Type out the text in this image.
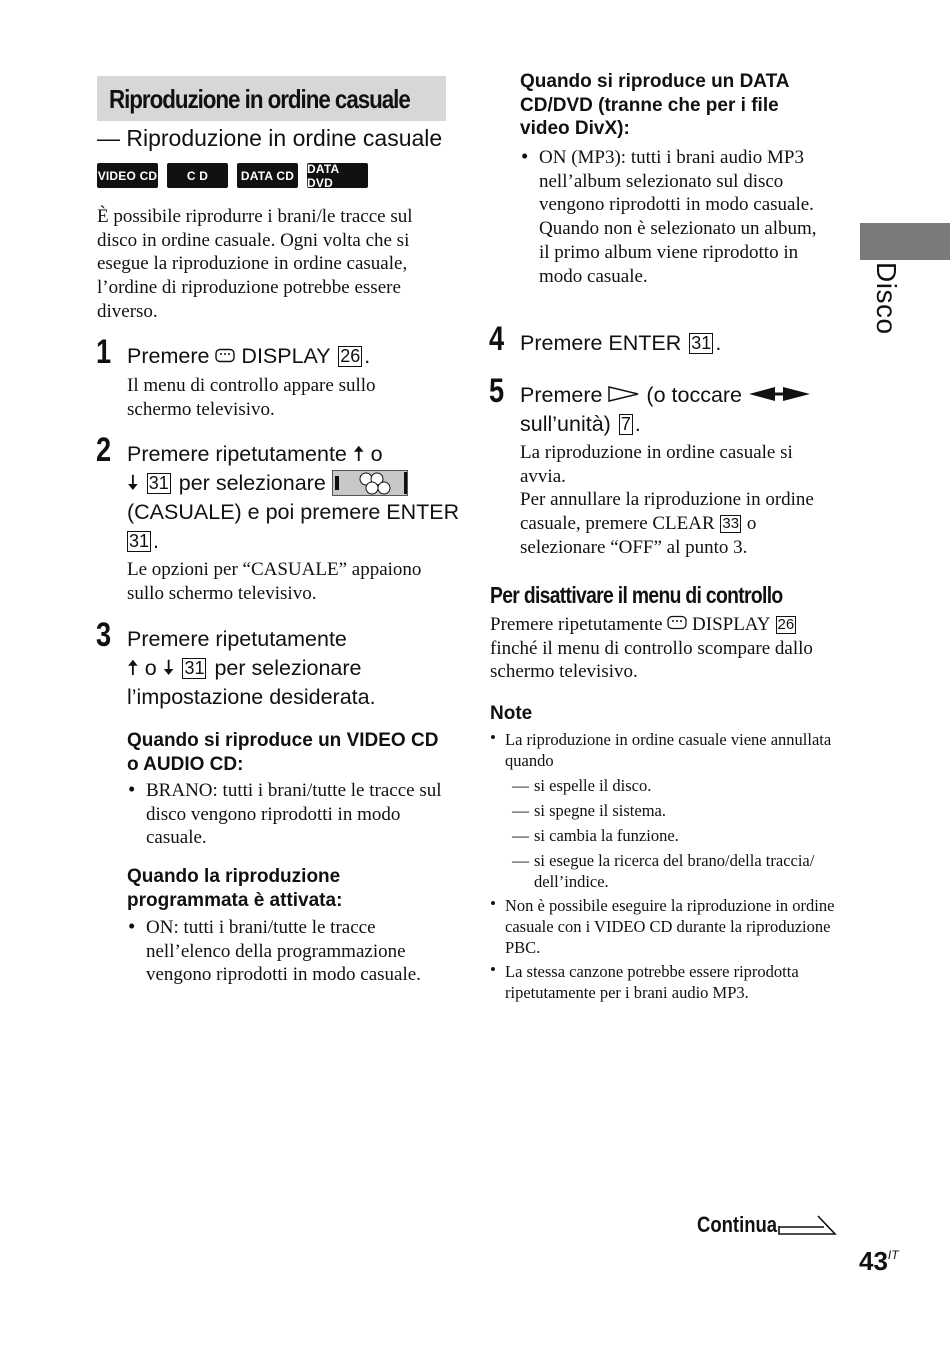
Riproduzione in ordine casuale
— Riproduzione in ordine casuale
VIDEO CD	C D	DATA CD	DATA DVD
È possibile riprodurre i brani/le tracce sul disco in ordine casuale. Ogni volta che si esegue la riproduzione in ordine casuale, l’ordine di riproduzione potrebbe essere diverso.
1 Premere DISPLAY 26 .
Il menu di controllo appare sullo schermo televisivo.
2 Premere ripetutamente 🠅 o
🠇 31 per selezionare
(CASUALE) e poi premere ENTER
31 .
Le opzioni per “CASUALE” appaiono sullo schermo televisivo.
3 Premere ripetutamente
🠅 o 🠇 31 per selezionare
l’impostazione desiderata.
Quando si riproduce un VIDEO CD o AUDIO CD:
• BRANO: tutti i brani/tutte le tracce sul disco vengono riprodotti in modo casuale.
Quando la riproduzione programmata è attivata:
• ON: tutti i brani/tutte le tracce nell’elenco della programmazione vengono riprodotti in modo casuale.
Quando si riproduce un DATA CD/DVD (tranne che per i file video DivX):
• ON (MP3): tutti i brani audio MP3 nell’album selezionato sul disco vengono riprodotti in modo casuale.
Quando non è selezionato un album, il primo album viene riprodotto in modo casuale.
4 Premere ENTER 31 .
5 Premere (o toccare
sull’unità) 7 .
La riproduzione in ordine casuale si avvia.
Per annullare la riproduzione in ordine casuale, premere CLEAR 33 o selezionare “OFF” al punto 3.
Per disattivare il menu di controllo
Premere ripetutamente DISPLAY 26 finché il menu di controllo scompare dallo schermo televisivo.
Note
• La riproduzione in ordine casuale viene annullata quando
— si espelle il disco.
— si spegne il sistema.
— si cambia la funzione.
— si esegue la ricerca del brano/della traccia/ dell’indice.
• Non è possibile eseguire la riproduzione in ordine casuale con i VIDEO CD durante la riproduzione PBC.
• La stessa canzone potrebbe essere riprodotta ripetutamente per i brani audio MP3.
Disco
Continua
$43^{IT}$
